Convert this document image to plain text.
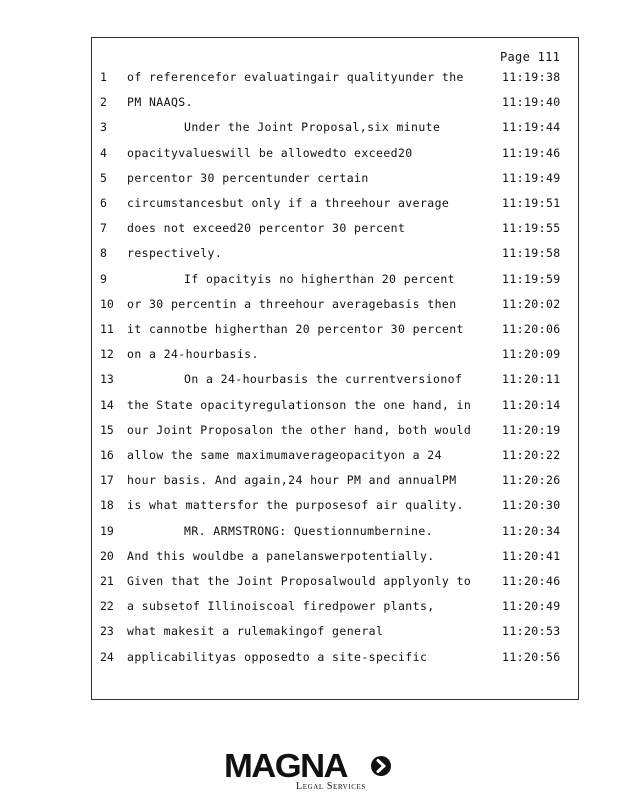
Page 111
1	of referencefor evaluatingair qualityunder the	11:19:38
2	PM NAAQS.	11:19:40
3	Under the Joint Proposal,six minute	11:19:44
4	opacityvalueswill be allowedto exceed20	11:19:46
5	percentor 30 percentunder certain	11:19:49
6	circumstancesbut only if a threehour average	11:19:51
7	does not exceed20 percentor 30 percent	11:19:55
8	respectively.	11:19:58
9	If opacityis no higherthan 20 percent	11:19:59
10	or 30 percentin a threehour averagebasis then	11:20:02
11	it cannotbe higherthan 20 percentor 30 percent	11:20:06
12	on a 24-hourbasis.	11:20:09
13	On a 24-hourbasis the currentversionof	11:20:11
14	the State opacityregulationson the one hand, in	11:20:14
15	our Joint Proposalon the other hand, both would	11:20:19
16	allow the same maximumaverageopacityon a 24	11:20:22
17	hour basis. And again,24 hour PM and annualPM	11:20:26
18	is what mattersfor the purposesof air quality.	11:20:30
19	MR. ARMSTRONG: Questionnumbernine.	11:20:34
20	And this wouldbe a panelanswerpotentially.	11:20:41
21	Given that the Joint Proposalwould applyonly to	11:20:46
22	a subsetof Illinoiscoal firedpower plants,	11:20:49
23	what makesit a rulemakingof general	11:20:53
24	applicabilityas opposedto a site-specific	11:20:56
MAGNA
Legal Services
